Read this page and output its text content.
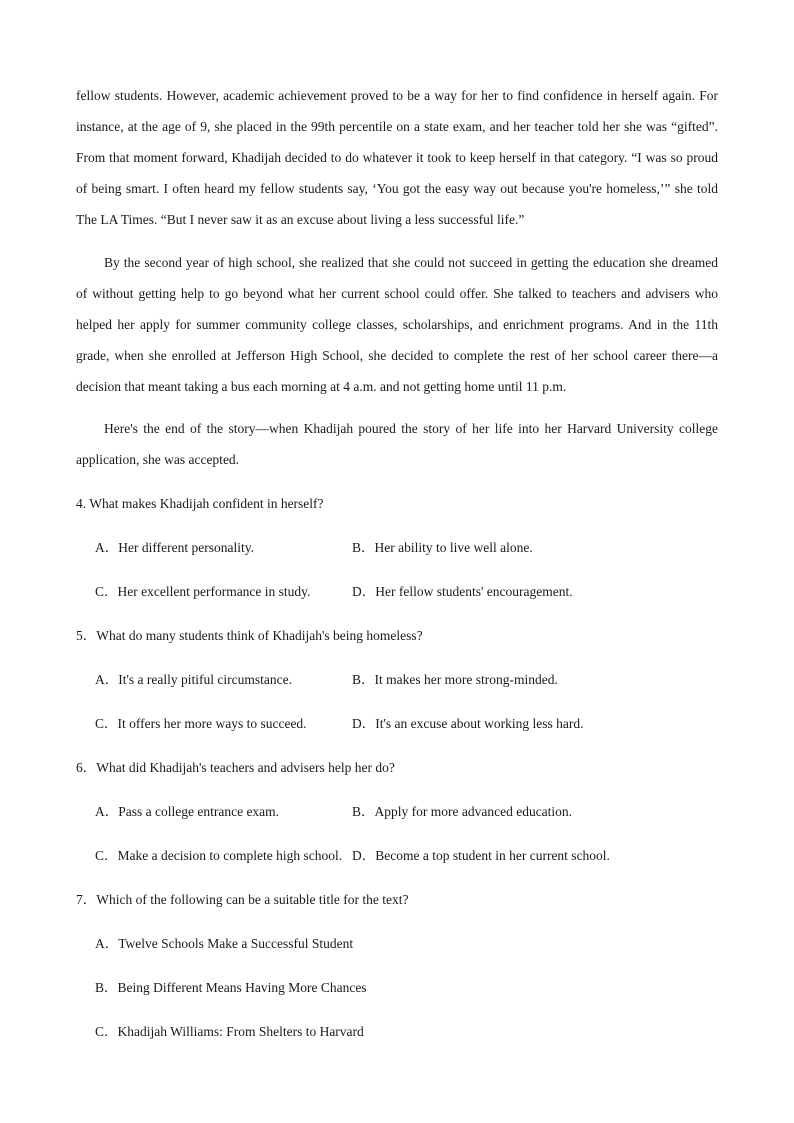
fellow students. However, academic achievement proved to be a way for her to find confidence in herself again. For instance, at the age of 9, she placed in the 99th percentile on a state exam, and her teacher told her she was “gifted”. From that moment forward, Khadijah decided to do whatever it took to keep herself in that category. “I was so proud of being smart. I often heard my fellow students say, ‘You got the easy way out because you're homeless,’” she told The LA Times. “But I never saw it as an excuse about living a less successful life.”

By the second year of high school, she realized that she could not succeed in getting the education she dreamed of without getting help to go beyond what her current school could offer. She talked to teachers and advisers who helped her apply for summer community college classes, scholarships, and enrichment programs. And in the 11th grade, when she enrolled at Jefferson High School, she decided to complete the rest of her school career there—a decision that meant taking a bus each morning at 4 a.m. and not getting home until 11 p.m.

Here's the end of the story—when Khadijah poured the story of her life into her Harvard University college application, she was accepted.

4. What makes Khadijah confident in herself?

A．Her different personality.	B．Her ability to live well alone.

C．Her excellent performance in study.	D．Her fellow students' encouragement.

5．What do many students think of Khadijah's being homeless?

A．It's a really pitiful circumstance.	B．It makes her more strong-minded.

C．It offers her more ways to succeed.	D．It's an excuse about working less hard.

6．What did Khadijah's teachers and advisers help her do?

A．Pass a college entrance exam.	B．Apply for more advanced education.

C．Make a decision to complete high school. D．Become a top student in her current school.

7．Which of the following can be a suitable title for the text?

A．Twelve Schools Make a Successful Student

B．Being Different Means Having More Chances

C．Khadijah Williams: From Shelters to Harvard
